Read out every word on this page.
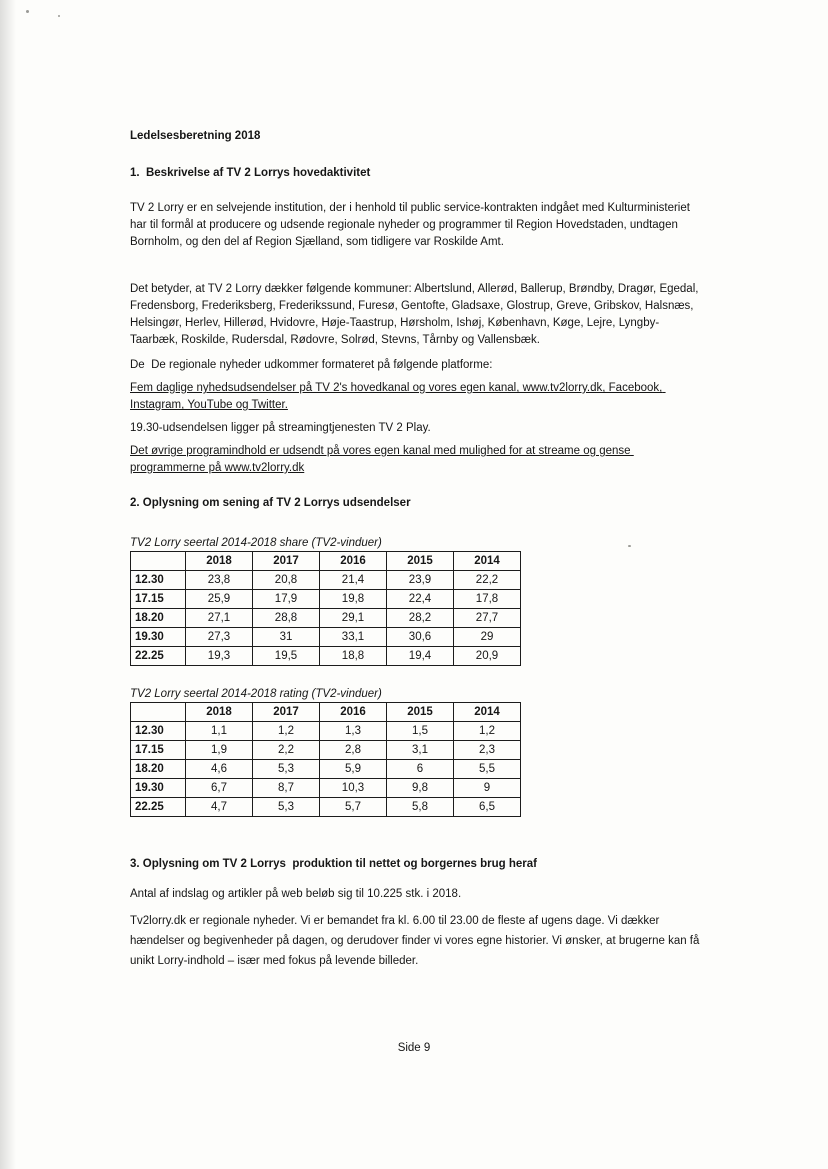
Ledelsesberetning 2018
1.  Beskrivelse af TV 2 Lorrys hovedaktivitet

TV 2 Lorry er en selvejende institution, der i henhold til public service-kontrakten indgået med Kulturministeriet har til formål at producere og udsende regionale nyheder og programmer til Region Hovedstaden, undtagen Bornholm, og den del af Region Sjælland, som tidligere var Roskilde Amt.

Det betyder, at TV 2 Lorry dækker følgende kommuner: Albertslund, Allerød, Ballerup, Brøndby, Dragør, Egedal, Fredensborg, Frederiksberg, Frederikssund, Furesø, Gentofte, Gladsaxe, Glostrup, Greve, Gribskov, Halsnæs, Helsingør, Herlev, Hillerød, Hvidovre, Høje-Taastrup, Hørsholm, Ishøj, København, Køge, Lejre, Lyngby-Taarbæk, Roskilde, Rudersdal, Rødovre, Solrød, Stevns, Tårnby og Vallensbæk.

De  De regionale nyheder udkommer formateret på følgende platforme:

Fem daglige nyhedsudsendelser på TV 2's hovedkanal og vores egen kanal, www.tv2lorry.dk, Facebook, Instagram, YouTube og Twitter.

19.30-udsendelsen ligger på streamingtjenesten TV 2 Play.

Det øvrige programindhold er udsendt på vores egen kanal med mulighed for at streame og gense programmerne på www.tv2lorry.dk

2. Oplysning om sening af TV 2 Lorrys udsendelser

TV2 Lorry seertal 2014-2018 share (TV2-vinduer)

	2018	2017	2016	2015	2014
12.30	23,8	20,8	21,4	23,9	22,2
17.15	25,9	17,9	19,8	22,4	17,8
18.20	27,1	28,8	29,1	28,2	27,7
19.30	27,3	31	33,1	30,6	29
22.25	19,3	19,5	18,8	19,4	20,9

TV2 Lorry seertal 2014-2018 rating (TV2-vinduer)

	2018	2017	2016	2015	2014
12.30	1,1	1,2	1,3	1,5	1,2
17.15	1,9	2,2	2,8	3,1	2,3
18.20	4,6	5,3	5,9	6	5,5
19.30	6,7	8,7	10,3	9,8	9
22.25	4,7	5,3	5,7	5,8	6,5
3. Oplysning om TV 2 Lorrys  produktion til nettet og borgernes brug heraf

Antal af indslag og artikler på web beløb sig til 10.225 stk. i 2018.

Tv2lorry.dk er regionale nyheder. Vi er bemandet fra kl. 6.00 til 23.00 de fleste af ugens dage. Vi dækker hændelser og begivenheder på dagen, og derudover finder vi vores egne historier. Vi ønsker, at brugerne kan få unikt Lorry-indhold – især med fokus på levende billeder.

Side 9
